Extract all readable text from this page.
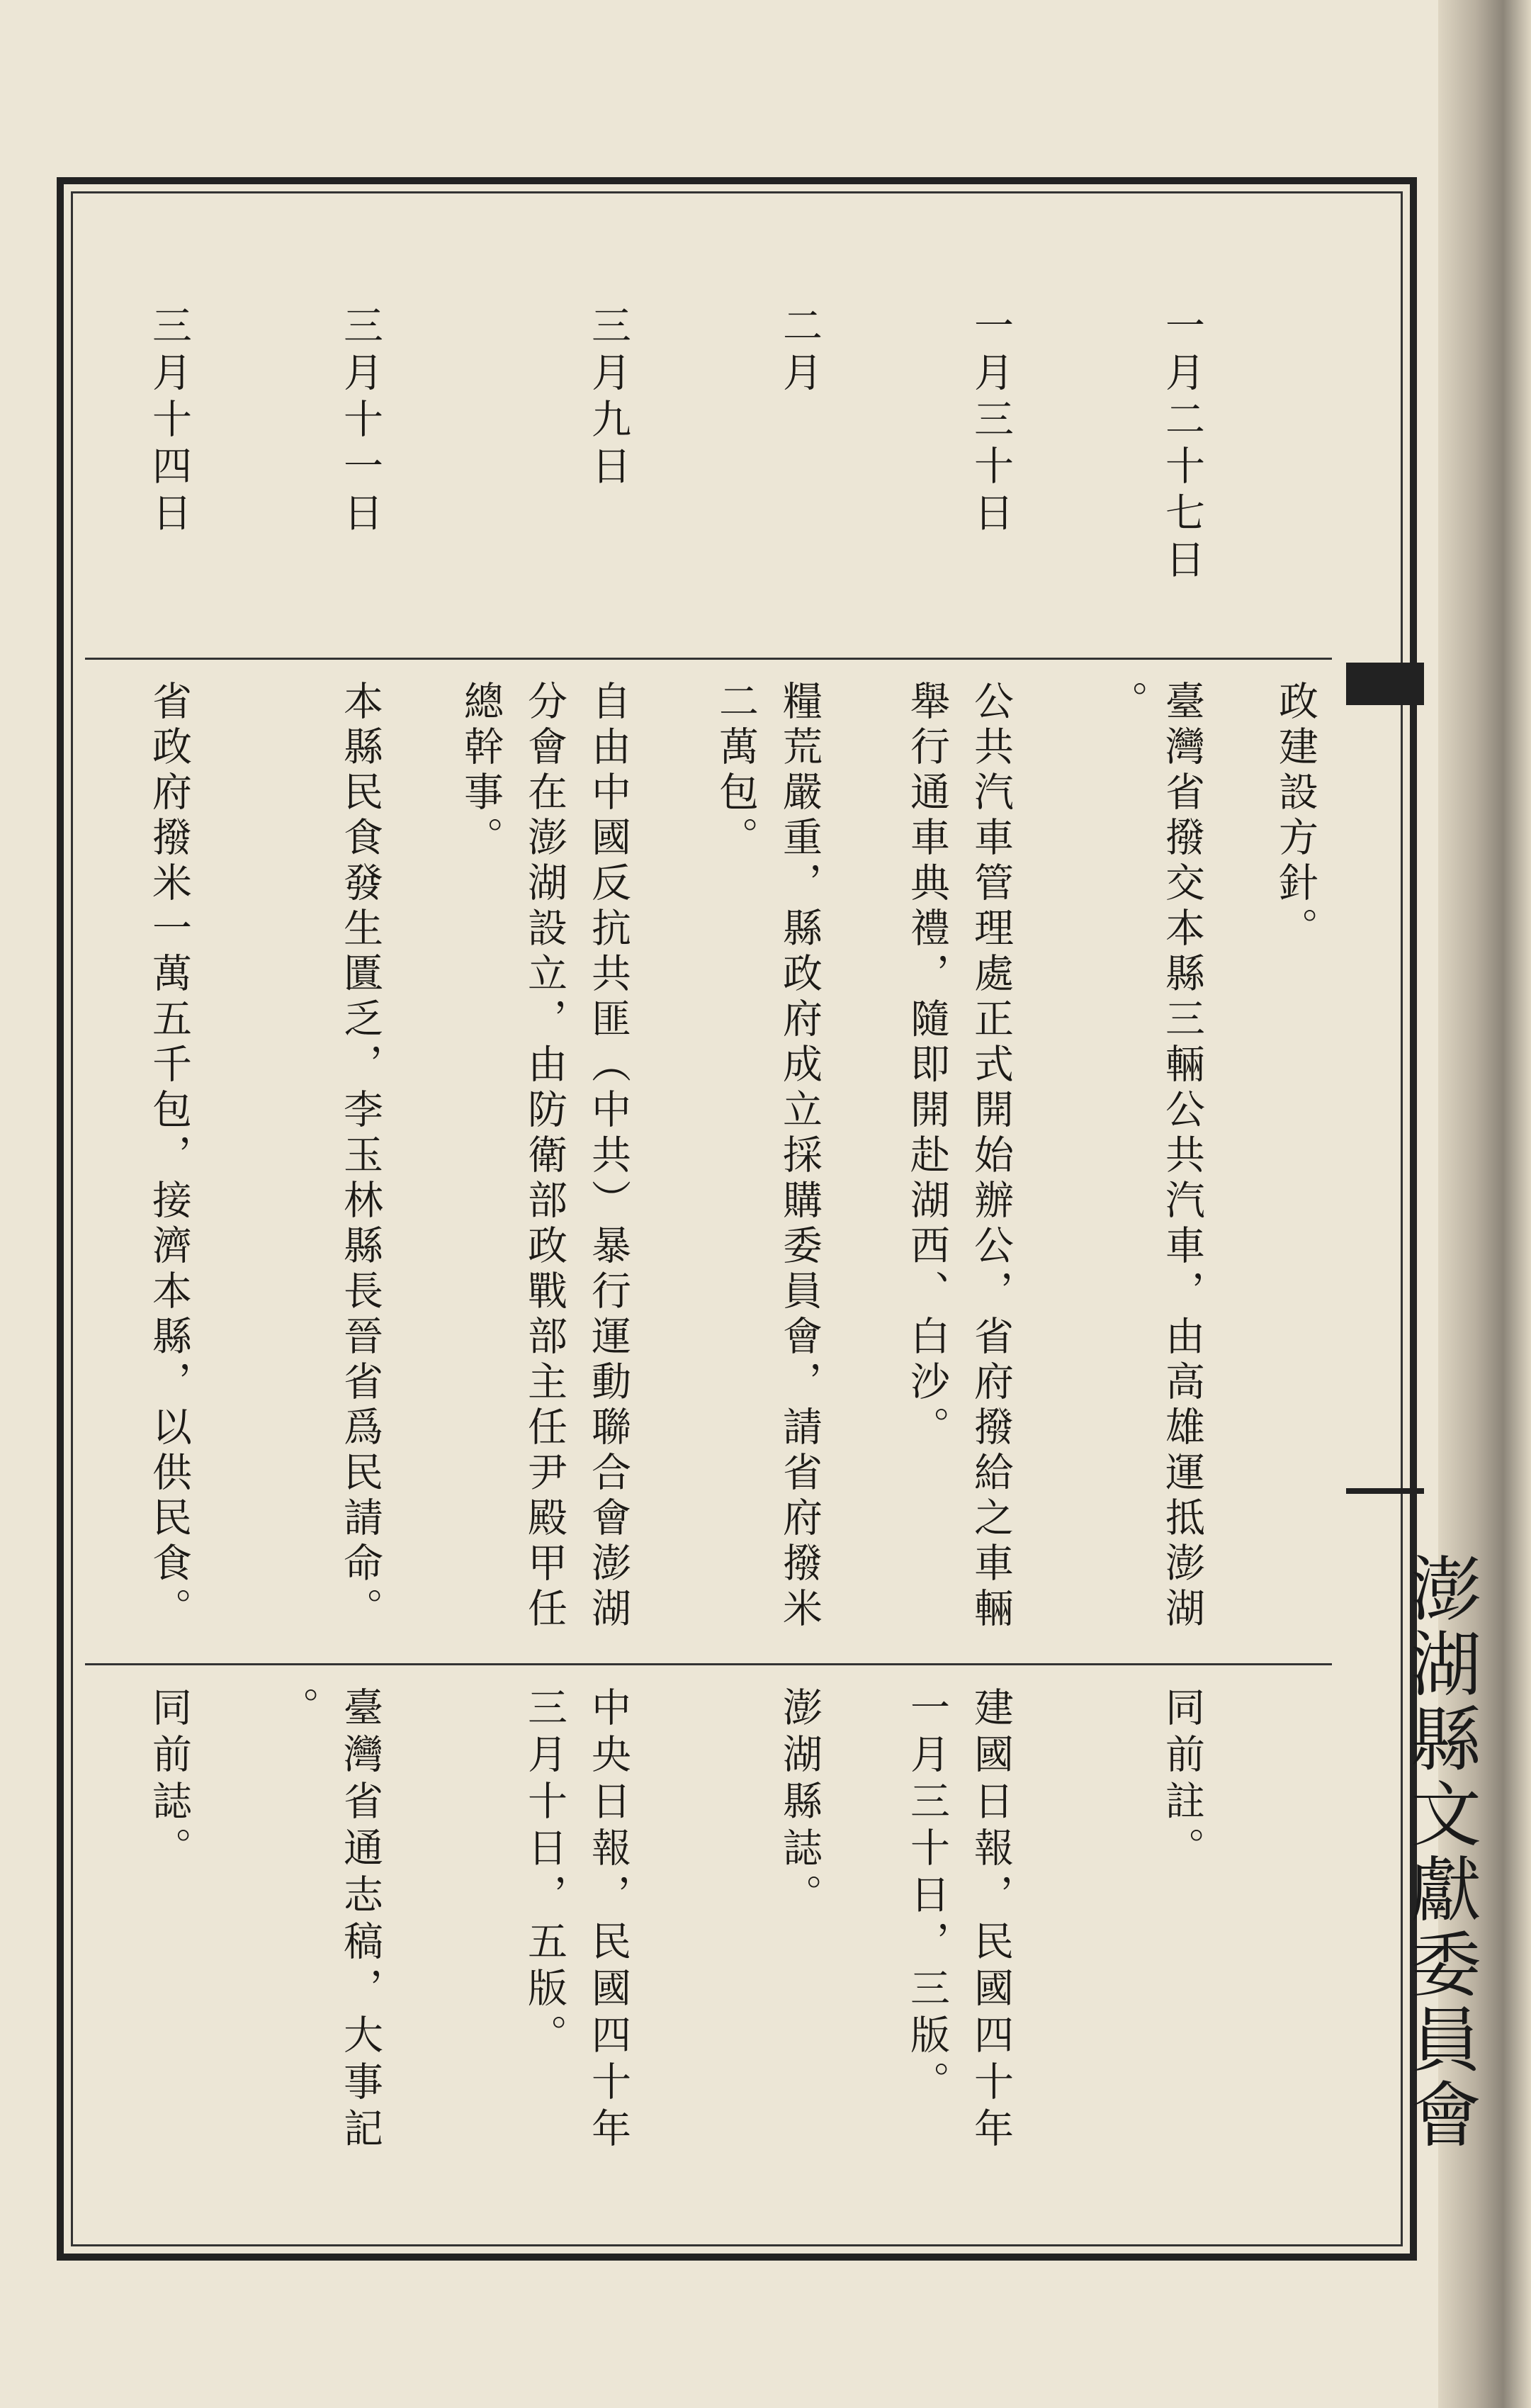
澎湖縣文獻委員會
政建設方針。
一月二十七日
臺灣省撥交本縣三輛公共汽車，由高雄運抵澎湖
。
同前註。
一月三十日
公共汽車管理處正式開始辦公，省府撥給之車輛
舉行通車典禮，隨即開赴湖西、白沙。
建國日報，民國四十年
一月三十日，三版。
二月
糧荒嚴重，縣政府成立採購委員會，請省府撥米
二萬包。
澎湖縣誌。
三月九日
自由中國反抗共匪（中共）暴行運動聯合會澎湖
分會在澎湖設立，由防衛部政戰部主任尹殿甲任
總幹事。
中央日報，民國四十年
三月十日，五版。
三月十一日
本縣民食發生匱乏，李玉林縣長晉省爲民請命。
臺灣省通志稿，大事記
。
三月十四日
省政府撥米一萬五千包，接濟本縣，以供民食。
同前誌。
